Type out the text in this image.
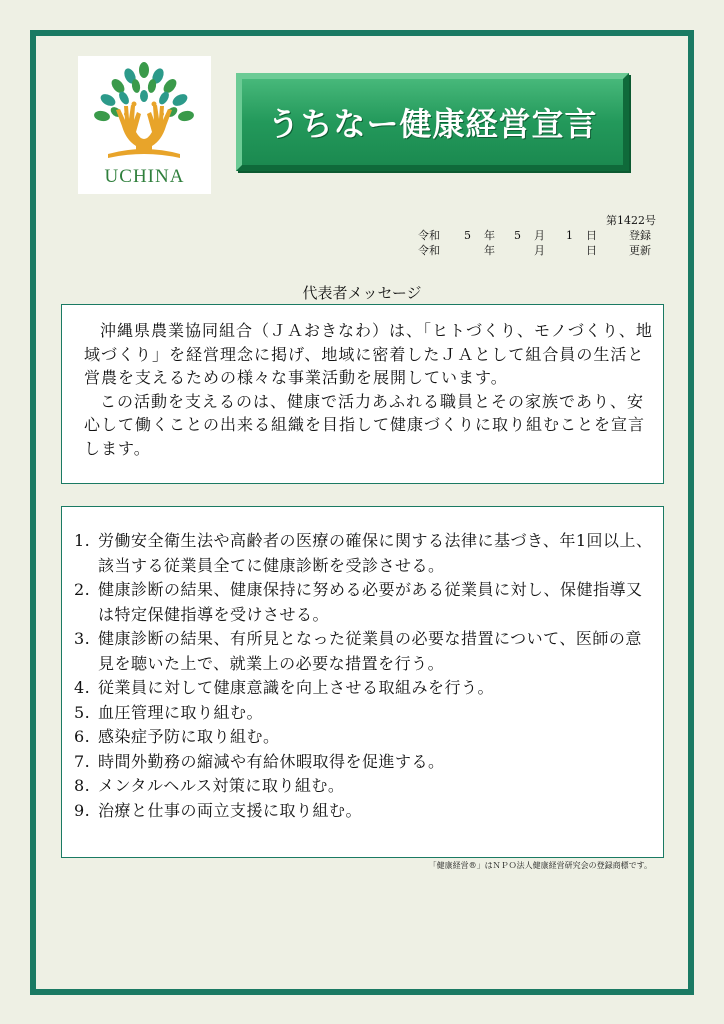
UCHINA
うちなー健康経営宣言
第1422号
令和 5 年 5 月 1 日	登録
令和	年	月	日	更新
代表者メッセージ

沖縄県農業協同組合（ＪＡおきなわ）は、「ヒトづくり、モノづくり、地域づくり」を経営理念に掲げ、地域に密着したＪＡとして組合員の生活と営農を支えるための様々な事業活動を展開しています。

この活動を支えるのは、健康で活力あふれる職員とその家族であり、安心して働くことの出来る組織を目指して健康づくりに取り組むことを宣言します。

1. 労働安全衛生法や高齢者の医療の確保に関する法律に基づき、年1回以上、該当する従業員全てに健康診断を受診させる。
2. 健康診断の結果、健康保持に努める必要がある従業員に対し、保健指導又は特定保健指導を受けさせる。
3. 健康診断の結果、有所見となった従業員の必要な措置について、医師の意見を聴いた上で、就業上の必要な措置を行う。
4. 従業員に対して健康意識を向上させる取組みを行う。
5. 血圧管理に取り組む。
6. 感染症予防に取り組む。
7. 時間外勤務の縮減や有給休暇取得を促進する。
8. メンタルヘルス対策に取り組む。
9. 治療と仕事の両立支援に取り組む。
「健康経営®」はＮＰＯ法人健康経営研究会の登録商標です。
